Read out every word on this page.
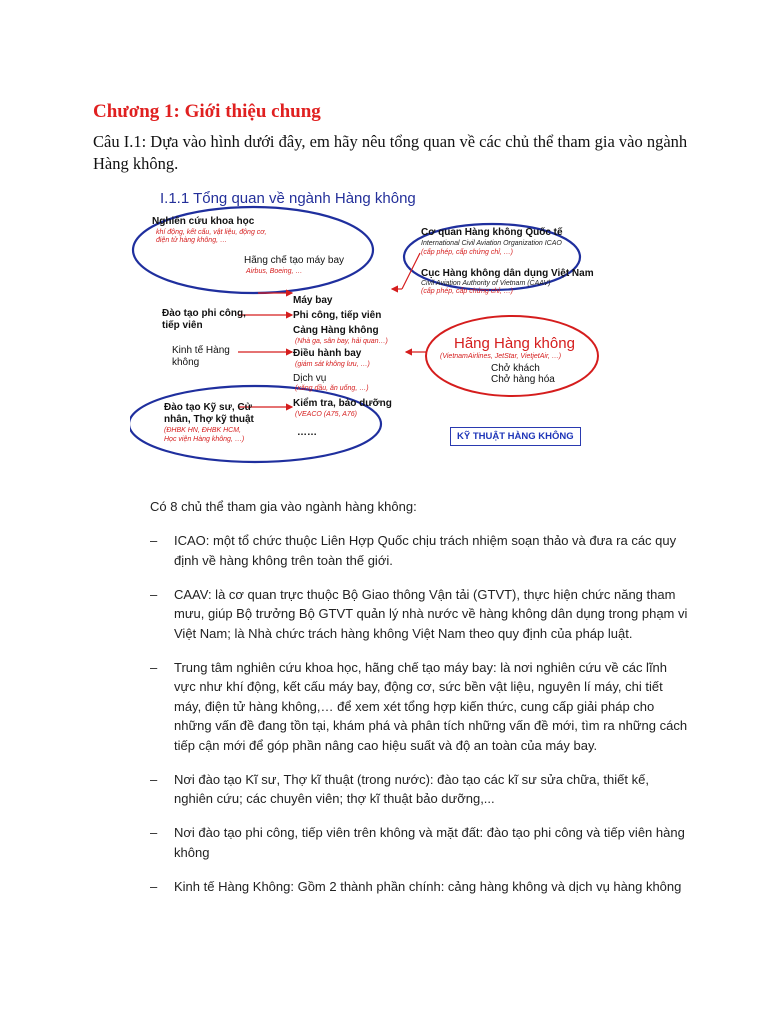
Chương 1: Giới thiệu chung

Câu I.1: Dựa vào hình dưới đây, em hãy nêu tổng quan về các chủ thể tham gia vào ngành Hàng không.

I.1.1 Tổng quan về ngành Hàng không
Nghiên cứu khoa học
khí động, kết cấu, vật liệu, động cơ,
điện tử hàng không, …
Hãng chế tạo máy bay
Airbus, Boeing, …
Cơ quan Hàng không Quốc tế
International Civil Aviation Organization ICAO
(cấp phép, cấp chứng chỉ, …)
Cục Hàng không dân dụng Việt Nam
Civil Aviation Authority of Vietnam (CAAV)
(cấp phép, cấp chứng chỉ, …)
Máy bay
Phi công, tiếp viên
Cảng Hàng không
(Nhà ga, sân bay, hải quan…)
Điều hành bay
(giám sát không lưu, …)
Dịch vụ
(xăng dầu, ăn uống, …)
Kiểm tra, bảo dưỡng
(VEACO (A75, A76)
……
Đào tạo phi công,
tiếp viên
Kinh tế Hàng
không
Đào tạo Kỹ sư, Cử
nhân, Thợ kỹ thuật
(ĐHBK HN, ĐHBK HCM,
Học viện Hàng không, …)
Hãng Hàng không
(VietnamAirlines, JetStar, VietjetAir, …)
Chở khách
Chở hàng hóa
KỸ THUẬT HÀNG KHÔNG

Có 8 chủ thể tham gia vào ngành hàng không:

– ICAO: một tổ chức thuộc Liên Hợp Quốc chịu trách nhiệm soạn thảo và đưa ra các quy định về hàng không trên toàn thế giới.
– CAAV: là cơ quan trực thuộc Bộ Giao thông Vận tải (GTVT), thực hiện chức năng tham mưu, giúp Bộ trưởng Bộ GTVT quản lý nhà nước về hàng không dân dụng trong phạm vi Việt Nam; là Nhà chức trách hàng không Việt Nam theo quy định của pháp luật.
– Trung tâm nghiên cứu khoa học, hãng chế tạo máy bay: là nơi nghiên cứu về các lĩnh vực như khí động, kết cấu máy bay, động cơ, sức bền vật liệu, nguyên lí máy, chi tiết máy, điện tử hàng không,… để xem xét tổng hợp kiến thức, cung cấp giải pháp cho những vấn đề đang tồn tại, khám phá và phân tích những vấn đề mới, tìm ra những cách tiếp cận mới để góp phần nâng cao hiệu suất và độ an toàn của máy bay.
– Nơi đào tạo Kĩ sư, Thợ kĩ thuật (trong nước): đào tạo các kĩ sư sửa chữa, thiết kế, nghiên cứu; các chuyên viên; thợ kĩ thuật bảo dưỡng,...
– Nơi đào tạo phi công, tiếp viên trên không và mặt đất: đào tạo phi công và tiếp viên hàng không
– Kinh tế Hàng Không: Gồm 2 thành phần chính: cảng hàng không và dịch vụ hàng không
